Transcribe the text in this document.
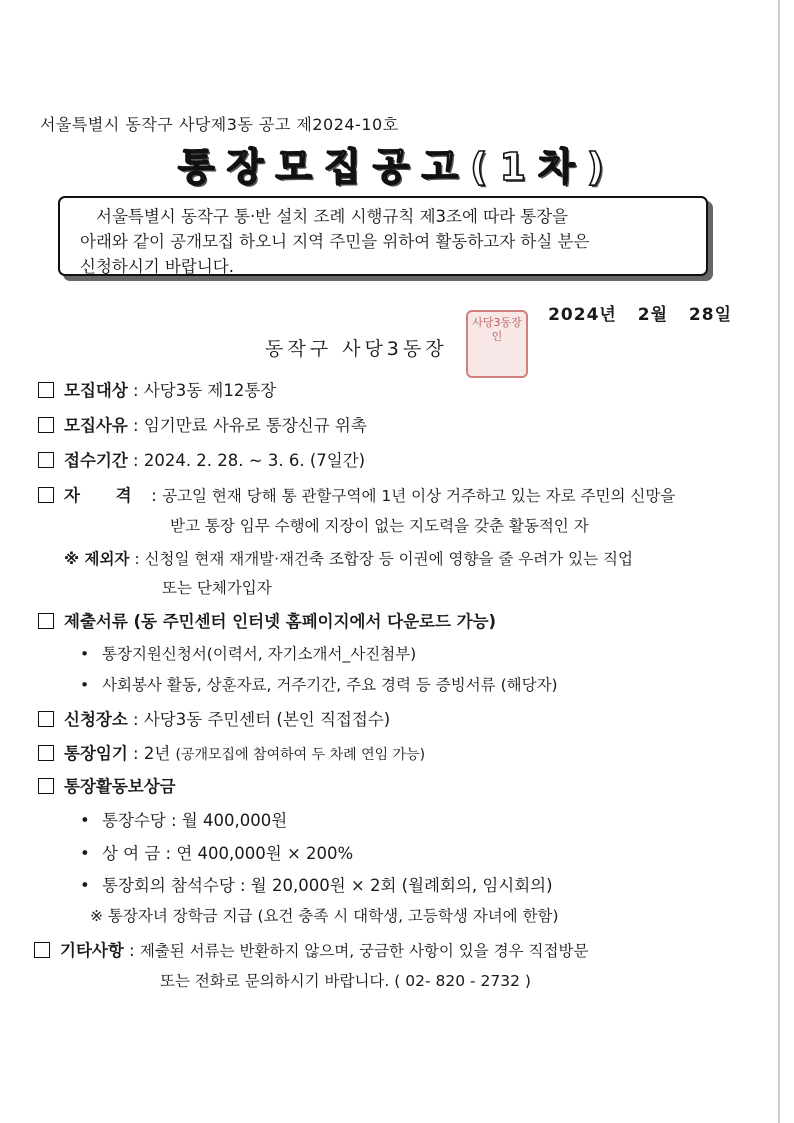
서울특별시 동작구 사당제3동 공고 제2024-10호
통장모집공고(1차)
서울특별시 동작구 통·반 설치 조례 시행규칙 제3조에 따라 통장을
아래와 같이 공개모집 하오니 지역 주민을 위하여 활동하고자 하실 분은
신청하시기 바랍니다.
2024년 2월 28일
동작구 사당3동장
사당3동장인
모집대상 : 사당3동 제12통장
모집사유 : 임기만료 사유로 통장신규 위촉
접수기간 : 2024. 2. 28. ~ 3. 6. (7일간)
자 격 : 공고일 현재 당해 통 관할구역에 1년 이상 거주하고 있는 자로 주민의 신망을
받고 통장 임무 수행에 지장이 없는 지도력을 갖춘 활동적인 자
※ 제외자 : 신청일 현재 재개발·재건축 조합장 등 이권에 영향을 줄 우려가 있는 직업
또는 단체가입자
제출서류 (동 주민센터 인터넷 홈페이지에서 다운로드 가능)
• 통장지원신청서(이력서, 자기소개서_사진첨부)
• 사회봉사 활동, 상훈자료, 거주기간, 주요 경력 등 증빙서류 (해당자)
신청장소 : 사당3동 주민센터 (본인 직접접수)
통장임기 : 2년 (공개모집에 참여하여 두 차례 연임 가능)
통장활동보상금
• 통장수당 : 월 400,000원
• 상 여 금 : 연 400,000원 × 200%
• 통장회의 참석수당 : 월 20,000원 × 2회 (월례회의, 임시회의)
※ 통장자녀 장학금 지급 (요건 충족 시 대학생, 고등학생 자녀에 한함)
기타사항 : 제출된 서류는 반환하지 않으며, 궁금한 사항이 있을 경우 직접방문
또는 전화로 문의하시기 바랍니다. ( 02- 820 - 2732 )
